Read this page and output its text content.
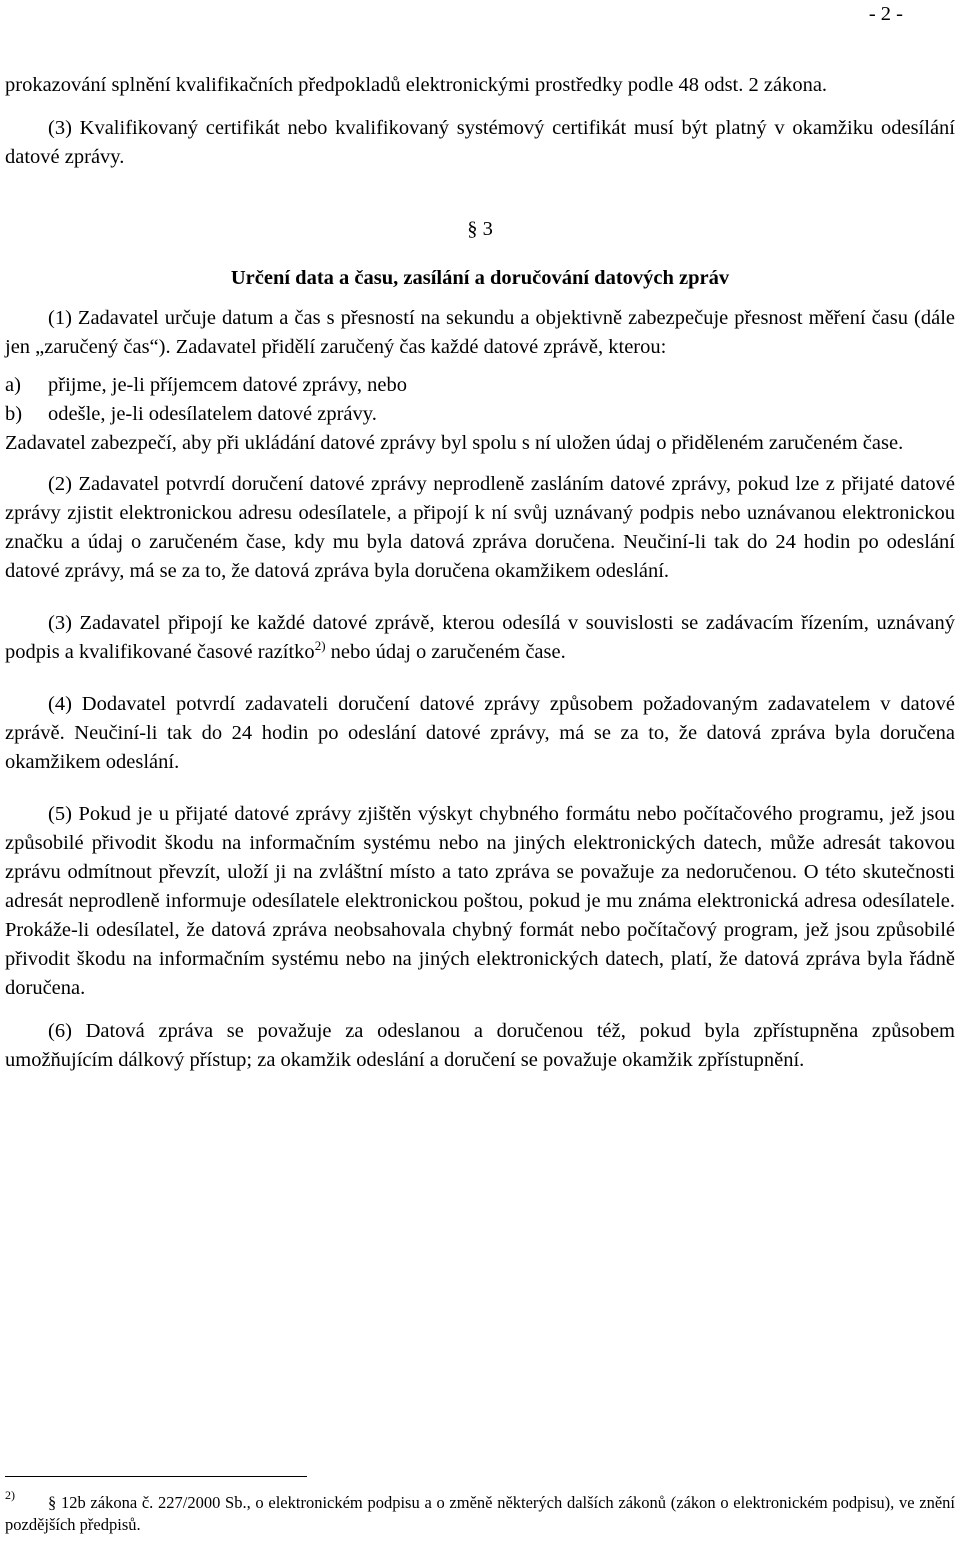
- 2 -

prokazování splnění kvalifikačních předpokladů elektronickými prostředky podle 48 odst. 2 zákona.

(3) Kvalifikovaný certifikát nebo kvalifikovaný systémový certifikát musí být platný v okamžiku odesílání datové zprávy.

§ 3

Určení data a času, zasílání a doručování datových zpráv

(1) Zadavatel určuje datum a čas s přesností na sekundu a objektivně zabezpečuje přesnost měření času (dále jen „zaručený čas“). Zadavatel přidělí zaručený čas každé datové zprávě, kterou:

a)	přijme, je-li příjemcem datové zprávy, nebo
b)	odešle, je-li odesílatelem datové zprávy.

Zadavatel zabezpečí, aby při ukládání datové zprávy byl spolu s ní uložen údaj o přiděleném zaručeném čase.

(2) Zadavatel potvrdí doručení datové zprávy neprodleně zasláním datové zprávy, pokud lze z přijaté datové zprávy zjistit elektronickou adresu odesílatele, a připojí k ní svůj uznávaný podpis nebo uznávanou elektronickou značku a údaj o zaručeném čase, kdy mu byla datová zpráva doručena. Neučiní-li tak do 24 hodin po odeslání datové zprávy, má se za to, že datová zpráva byla doručena okamžikem odeslání.

(3) Zadavatel připojí ke každé datové zprávě, kterou odesílá v souvislosti se zadávacím řízením, uznávaný podpis a kvalifikované časové razítko$^{2)}$ nebo údaj o zaručeném čase.

(4) Dodavatel potvrdí zadavateli doručení datové zprávy způsobem požadovaným zadavatelem v datové zprávě. Neučiní-li tak do 24 hodin po odeslání datové zprávy, má se za to, že datová zpráva byla doručena okamžikem odeslání.

(5) Pokud je u přijaté datové zprávy zjištěn výskyt chybného formátu nebo počítačového programu, jež jsou způsobilé přivodit škodu na informačním systému nebo na jiných elektronických datech, může adresát takovou zprávu odmítnout převzít, uloží ji na zvláštní místo a tato zpráva se považuje za nedoručenou. O této skutečnosti adresát neprodleně informuje odesílatele elektronickou poštou, pokud je mu známa elektronická adresa odesílatele. Prokáže-li odesílatel, že datová zpráva neobsahovala chybný formát nebo počítačový program, jež jsou způsobilé přivodit škodu na informačním systému nebo na jiných elektronických datech, platí, že datová zpráva byla řádně doručena.

(6) Datová zpráva se považuje za odeslanou a doručenou též, pokud byla zpřístupněna způsobem umožňujícím dálkový přístup; za okamžik odeslání a doručení se považuje okamžik zpřístupnění.

2)	§ 12b zákona č. 227/2000 Sb., o elektronickém podpisu a o změně některých dalších zákonů (zákon o elektronickém podpisu), ve znění pozdějších předpisů.
